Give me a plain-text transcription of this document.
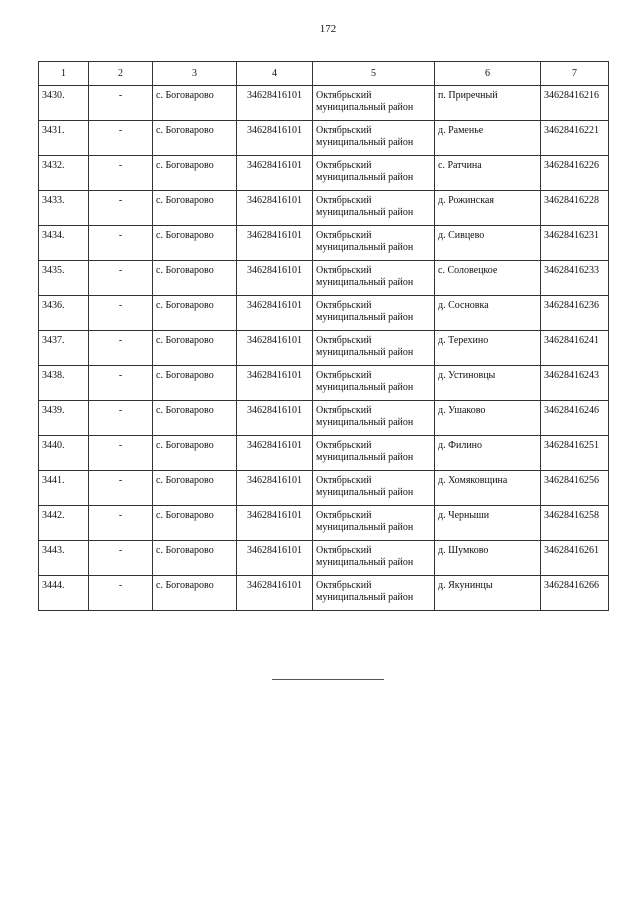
172
1	2	3	4	5	6	7
3430.	-	с. Боговарово	34628416101	Октябрьский
муниципальный район	п. Приречный	34628416216
3431.	-	с. Боговарово	34628416101	Октябрьский
муниципальный район	д. Раменье	34628416221
3432.	-	с. Боговарово	34628416101	Октябрьский
муниципальный район	с. Ратчина	34628416226
3433.	-	с. Боговарово	34628416101	Октябрьский
муниципальный район	д. Рожинская	34628416228
3434.	-	с. Боговарово	34628416101	Октябрьский
муниципальный район	д. Сивцево	34628416231
3435.	-	с. Боговарово	34628416101	Октябрьский
муниципальный район	с. Соловецкое	34628416233
3436.	-	с. Боговарово	34628416101	Октябрьский
муниципальный район	д. Сосновка	34628416236
3437.	-	с. Боговарово	34628416101	Октябрьский
муниципальный район	д. Терехино	34628416241
3438.	-	с. Боговарово	34628416101	Октябрьский
муниципальный район	д. Устиновцы	34628416243
3439.	-	с. Боговарово	34628416101	Октябрьский
муниципальный район	д. Ушаково	34628416246
3440.	-	с. Боговарово	34628416101	Октябрьский
муниципальный район	д. Филино	34628416251
3441.	-	с. Боговарово	34628416101	Октябрьский
муниципальный район	д. Хомяковщина	34628416256
3442.	-	с. Боговарово	34628416101	Октябрьский
муниципальный район	д. Черныши	34628416258
3443.	-	с. Боговарово	34628416101	Октябрьский
муниципальный район	д. Шумково	34628416261
3444.	-	с. Боговарово	34628416101	Октябрьский
муниципальный район	д. Якунинцы	34628416266
